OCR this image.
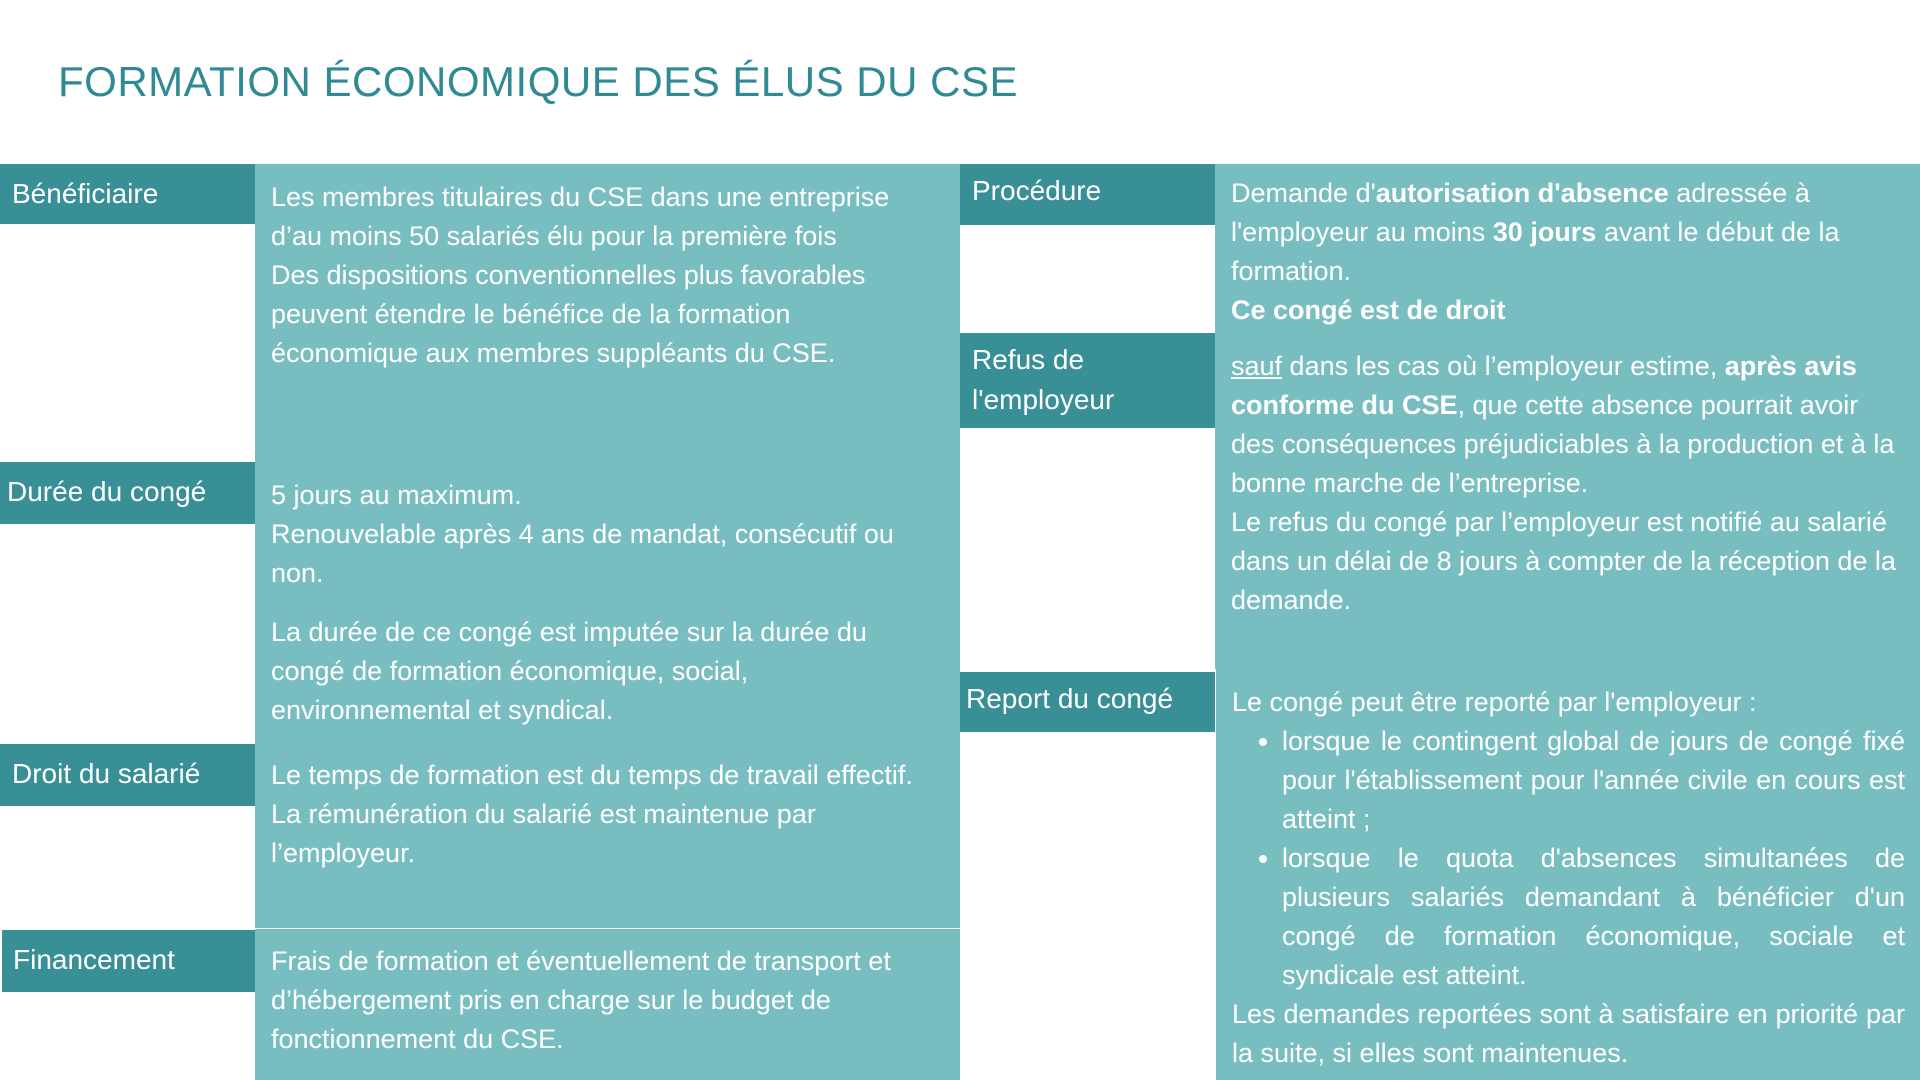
FORMATION ÉCONOMIQUE DES ÉLUS DU CSE

Les membres titulaires du CSE dans une entreprise d’au moins 50 salariés élu pour la première fois

Des dispositions conventionnelles plus favorables peuvent étendre le bénéfice de la formation économique aux membres suppléants du CSE.

5 jours au maximum.

Renouvelable après 4 ans de mandat, consécutif ou non.

La durée de ce congé est imputée sur la durée du congé de formation économique, social, environnemental et syndical.

Le temps de formation est du temps de travail effectif.

La rémunération du salarié est maintenue par l’employeur.

Frais de formation et éventuellement de transport et d’hébergement pris en charge sur le budget de fonctionnement du CSE.

Bénéficiaire
Durée du congé
Droit du salarié
Financement

Demande d'autorisation d'absence adressée à l'employeur au moins 30 jours avant le début de la formation.

Ce congé est de droit

sauf dans les cas où l’employeur estime, après avis conforme du CSE, que cette absence pourrait avoir des conséquences préjudiciables à la production et à la bonne marche de l’entreprise.

Le refus du congé par l’employeur est notifié au salarié dans un délai de 8 jours à compter de la réception de la demande.

Le congé peut être reporté par l'employeur :

• lorsque le contingent global de jours de congé fixé pour l'établissement pour l'année civile en cours est atteint ;
• lorsque le quota d'absences simultanées de plusieurs salariés demandant à bénéficier d'un congé de formation économique, sociale et syndicale est atteint.

Les demandes reportées sont à satisfaire en priorité par la suite, si elles sont maintenues.

Procédure
Refus de l'employeur
Report du congé
